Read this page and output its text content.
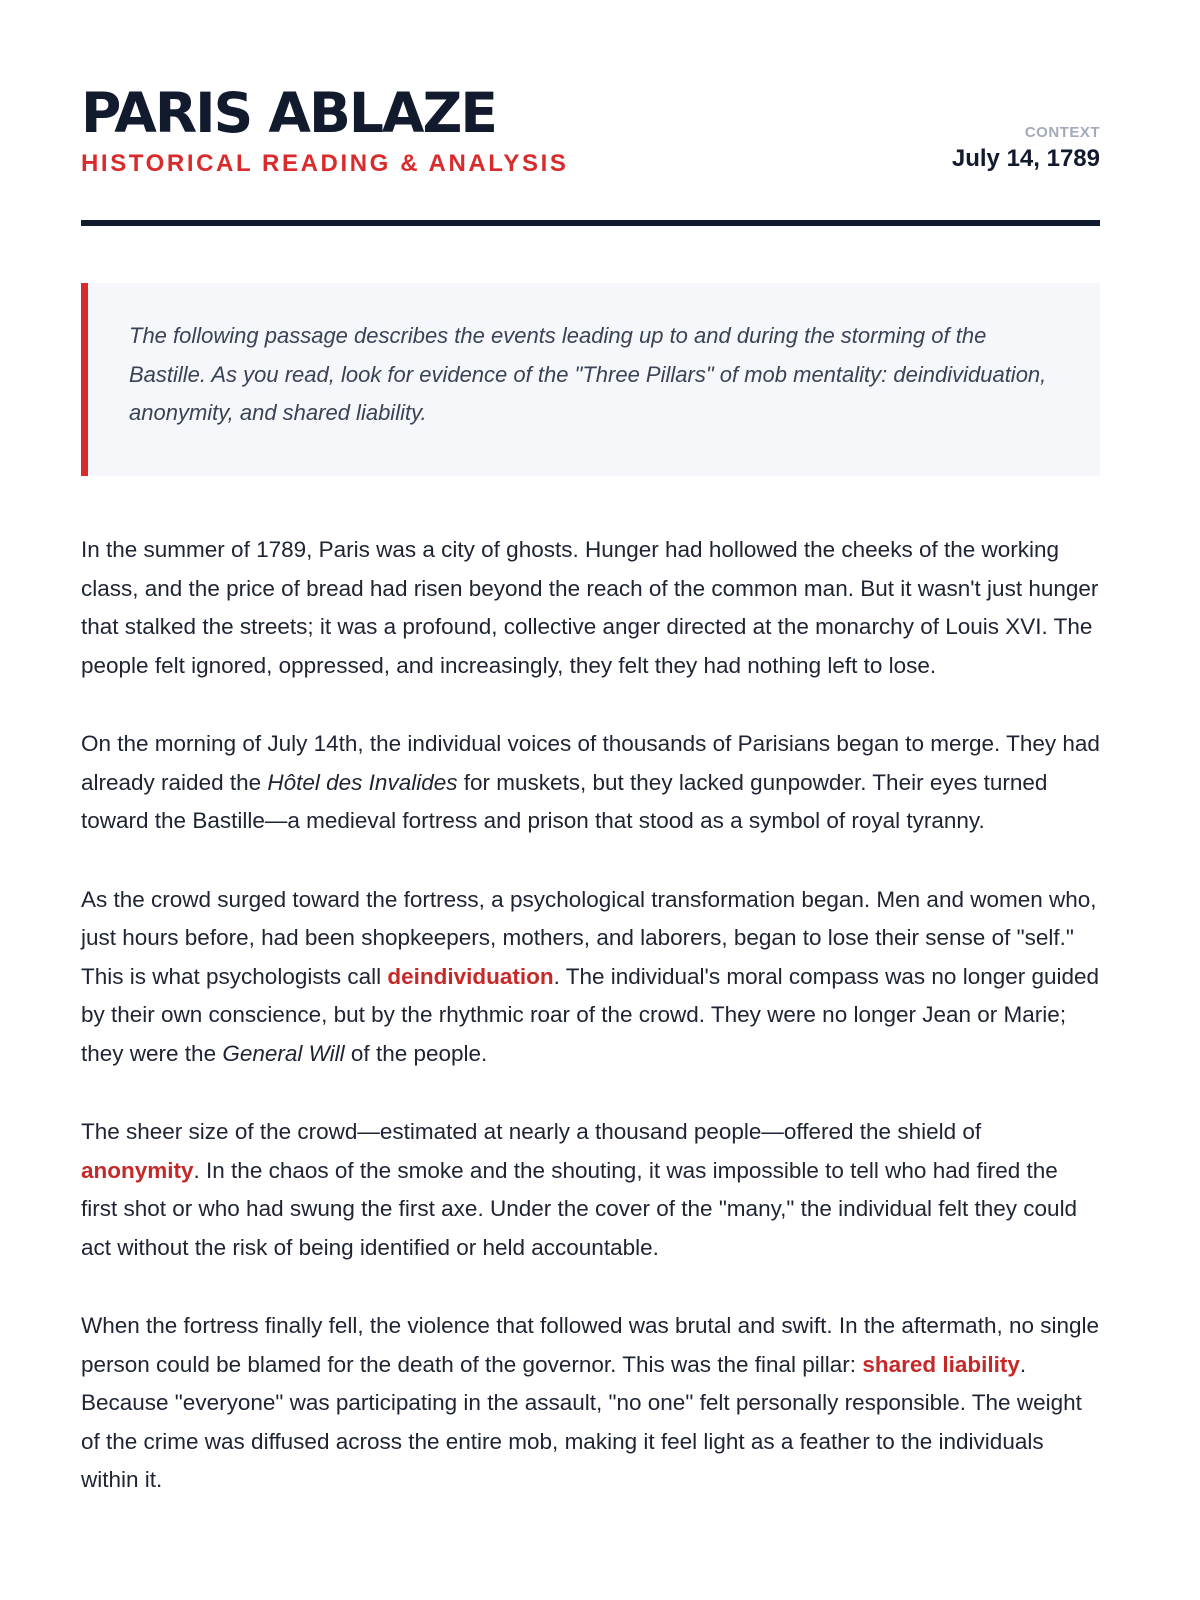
PARIS ABLAZE
HISTORICAL READING & ANALYSIS
CONTEXT
July 14, 1789

The following passage describes the events leading up to and during the storming of the Bastille. As you read, look for evidence of the "Three Pillars" of mob mentality: deindividuation, anonymity, and shared liability.

In the summer of 1789, Paris was a city of ghosts. Hunger had hollowed the cheeks of the working class, and the price of bread had risen beyond the reach of the common man. But it wasn't just hunger that stalked the streets; it was a profound, collective anger directed at the monarchy of Louis XVI. The people felt ignored, oppressed, and increasingly, they felt they had nothing left to lose.

On the morning of July 14th, the individual voices of thousands of Parisians began to merge. They had already raided the Hôtel des Invalides for muskets, but they lacked gunpowder. Their eyes turned toward the Bastille—a medieval fortress and prison that stood as a symbol of royal tyranny.

As the crowd surged toward the fortress, a psychological transformation began. Men and women who, just hours before, had been shopkeepers, mothers, and laborers, began to lose their sense of "self." This is what psychologists call deindividuation. The individual's moral compass was no longer guided by their own conscience, but by the rhythmic roar of the crowd. They were no longer Jean or Marie; they were the General Will of the people.

The sheer size of the crowd—estimated at nearly a thousand people—offered the shield of anonymity. In the chaos of the smoke and the shouting, it was impossible to tell who had fired the first shot or who had swung the first axe. Under the cover of the "many," the individual felt they could act without the risk of being identified or held accountable.

When the fortress finally fell, the violence that followed was brutal and swift. In the aftermath, no single person could be blamed for the death of the governor. This was the final pillar: shared liability. Because "everyone" was participating in the assault, "no one" felt personally responsible. The weight of the crime was diffused across the entire mob, making it feel light as a feather to the individuals within it.
